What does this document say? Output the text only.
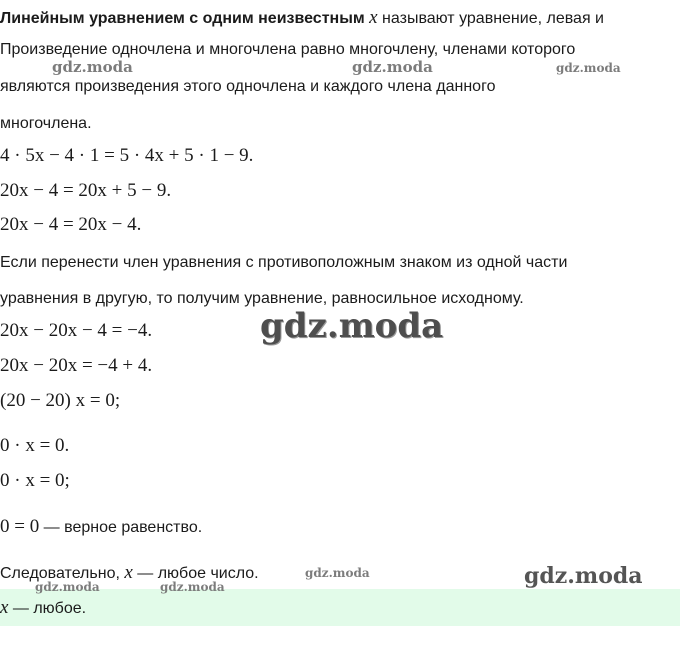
Линейным уравнением с одним неизвестным x называют уравнение, левая и
Произведение одночлена и многочлена равно многочлену, членами которого
являются произведения этого одночлена и каждого члена данного
многочлена.
4 · 5x − 4 · 1 = 5 · 4x + 5 · 1 − 9.
20x − 4 = 20x + 5 − 9.
20x − 4 = 20x − 4.
Если перенести член уравнения с противоположным знаком из одной части
уравнения в другую, то получим уравнение, равносильное исходному.
20x − 20x − 4 = −4.
20x − 20x = −4 + 4.
(20 − 20) x = 0;
0 · x = 0.
0 · x = 0;
0 = 0 — верное равенство.
Следовательно, x — любое число.
x — любое.
gdz.moda	gdz.moda	gdz.moda
gdz.moda
gdz.moda
gdz.moda	gdz.moda	gdz.moda
